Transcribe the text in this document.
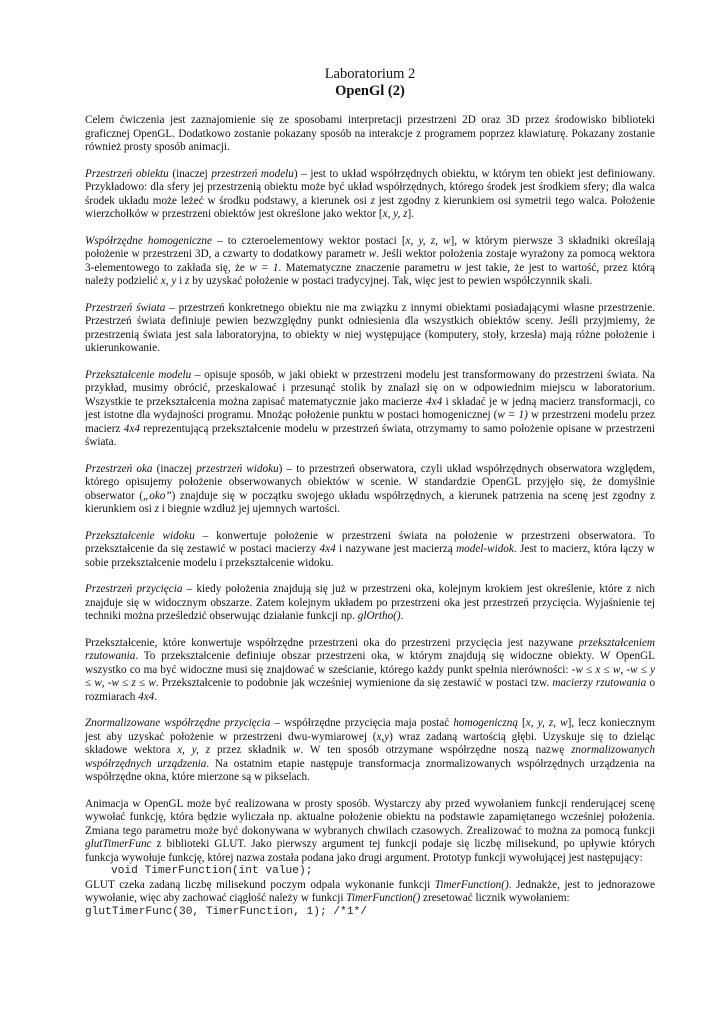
Laboratorium 2
OpenGl (2)

Celem ćwiczenia jest zaznajomienie się ze sposobami interpretacji przestrzeni 2D oraz 3D przez środowisko biblioteki graficznej OpenGL. Dodatkowo zostanie pokazany sposób na interakcje z programem poprzez klawiaturę. Pokazany zostanie również prosty sposób animacji.

Przestrzeń obiektu (inaczej przestrzeń modelu) – jest to układ współrzędnych obiektu, w którym ten obiekt jest definiowany. Przykładowo: dla sfery jej przestrzenią obiektu może być układ współrzędnych, którego środek jest środkiem sfery; dla walca środek układu może leżeć w środku podstawy, a kierunek osi z jest zgodny z kierunkiem osi symetrii tego walca. Położenie wierzchołków w przestrzeni obiektów jest określone jako wektor [x, y, z].

Współrzędne homogeniczne – to czteroelementowy wektor postaci [x, y, z, w], w którym pierwsze 3 składniki określają położenie w przestrzeni 3D, a czwarty to dodatkowy parametr w. Jeśli wektor położenia zostaje wyrażony za pomocą wektora 3-elementowego to zakłada się, że w = 1. Matematyczne znaczenie parametru w jest takie, że jest to wartość, przez którą należy podzielić x, y i z by uzyskać położenie w postaci tradycyjnej. Tak, więc jest to pewien współczynnik skali.

Przestrzeń świata – przestrzeń konkretnego obiektu nie ma związku z innymi obiektami posiadającymi własne przestrzenie. Przestrzeń świata definiuje pewien bezwzględny punkt odniesienia dla wszystkich obiektów sceny. Jeśli przyjmiemy, że przestrzenią świata jest sala laboratoryjna, to obiekty w niej występujące (komputery, stoły, krzesła) mają różne położenie i ukierunkowanie.

Przekształcenie modelu – opisuje sposób, w jaki obiekt w przestrzeni modelu jest transformowany do przestrzeni świata. Na przykład, musimy obrócić, przeskalować i przesunąć stolik by znalazł się on w odpowiednim miejscu w laboratorium. Wszystkie te przekształcenia można zapisać matematycznie jako macierze 4x4 i składać je w jedną macierz transformacji, co jest istotne dla wydajności programu. Mnożąc położenie punktu w postaci homogenicznej (w = 1) w przestrzeni modelu przez macierz 4x4 reprezentującą przekształcenie modelu w przestrzeń świata, otrzymamy to samo położenie opisane w przestrzeni świata.

Przestrzeń oka (inaczej przestrzeń widoku) – to przestrzeń obserwatora, czyli układ współrzędnych obserwatora względem, którego opisujemy położenie obserwowanych obiektów w scenie. W standardzie OpenGL przyjęło się, że domyślnie obserwator („oko”) znajduje się w początku swojego układu współrzędnych, a kierunek patrzenia na scenę jest zgodny z kierunkiem osi z i biegnie wzdłuż jej ujemnych wartości.

Przekształcenie widoku – konwertuje położenie w przestrzeni świata na położenie w przestrzeni obserwatora. To przekształcenie da się zestawić w postaci macierzy 4x4 i nazywane jest macierzą model-widok. Jest to macierz, która łączy w sobie przekształcenie modelu i przekształcenie widoku.

Przestrzeń przycięcia – kiedy położenia znajdują się już w przestrzeni oka, kolejnym krokiem jest określenie, które z nich znajduje się w widocznym obszarze. Zatem kolejnym układem po przestrzeni oka jest przestrzeń przycięcia. Wyjaśnienie tej techniki można prześledzić obserwując działanie funkcji np. glOrtho().

Przekształcenie, które konwertuje współrzędne przestrzeni oka do przestrzeni przycięcia jest nazywane przekształceniem rzutowania. To przekształcenie definiuje obszar przestrzeni oka, w którym znajdują się widoczne obiekty. W OpenGL wszystko co ma być widoczne musi się znajdować w sześcianie, którego każdy punkt spełnia nierówności: -w ≤ x ≤ w, -w ≤ y ≤ w, -w ≤ z ≤ w. Przekształcenie to podobnie jak wcześniej wymienione da się zestawić w postaci tzw. macierzy rzutowania o rozmiarach 4x4.

Znormalizowane współrzędne przycięcia – współrzędne przycięcia maja postać homogeniczną [x, y, z, w], lecz koniecznym jest aby uzyskać położenie w przestrzeni dwu-wymiarowej (x,y) wraz zadaną wartością głębi. Uzyskuje się to dzieląc składowe wektora x, y, z przez składnik w. W ten sposób otrzymane współrzędne noszą nazwę znormalizowanych współrzędnych urządzenia. Na ostatnim etapie następuje transformacja znormalizowanych współrzędnych urządzenia na współrzędne okna, które mierzone są w pikselach.

Animacja w OpenGL może być realizowana w prosty sposób. Wystarczy aby przed wywołaniem funkcji renderującej scenę wywołać funkcję, która będzie wyliczała np. aktualne położenie obiektu na podstawie zapamiętanego wcześniej położenia. Zmiana tego parametru może być dokonywana w wybranych chwilach czasowych. Zrealizować to można za pomocą funkcji glutTimerFunc z biblioteki GLUT. Jako pierwszy argument tej funkcji podaje się liczbę milisekund, po upływie których funkcja wywołuje funkcję, której nazwa została podana jako drugi argument. Prototyp funkcji wywołującej jest następujący:

void TimerFunction(int value);

GLUT czeka zadaną liczbę milisekund poczym odpala wykonanie funkcji TimerFunction(). Jednakże, jest to jednorazowe wywołanie, więc aby zachować ciągłość należy w funkcji TimerFunction() zresetować licznik wywołaniem:

glutTimerFunc(30, TimerFunction, 1); /*1*/
